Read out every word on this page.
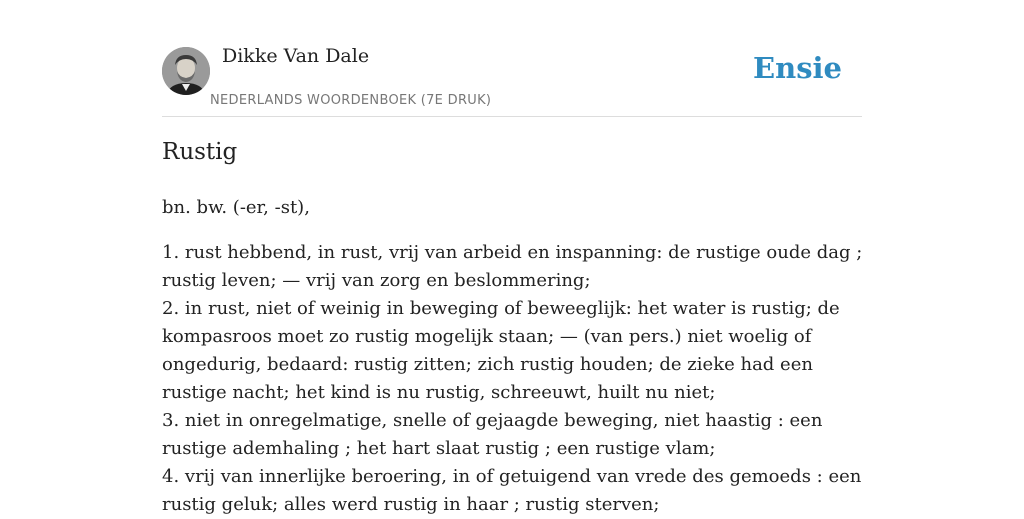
Dikke Van Dale
NEDERLANDS WOORDENBOEK (7E DRUK)
Ensie
Rustig

bn. bw. (-er, -st),

1. rust hebbend, in rust, vrij van arbeid en inspanning: de rustige oude dag ; rustig leven; — vrij van zorg en beslommering;
2. in rust, niet of weinig in beweging of beweeglijk: het water is rustig; de kompasroos moet zo rustig mogelijk staan; — (van pers.) niet woelig of ongedurig, bedaard: rustig zitten; zich rustig houden; de zieke had een rustige nacht; het kind is nu rustig, schreeuwt, huilt nu niet;
3. niet in onregelmatige, snelle of gejaagde beweging, niet haastig : een rustige ademhaling ; het hart slaat rustig ; een rustige vlam;
4. vrij van innerlijke beroering, in of getuigend van vrede des gemoeds : een rustig geluk; alles werd rustig in haar ; rustig sterven;
